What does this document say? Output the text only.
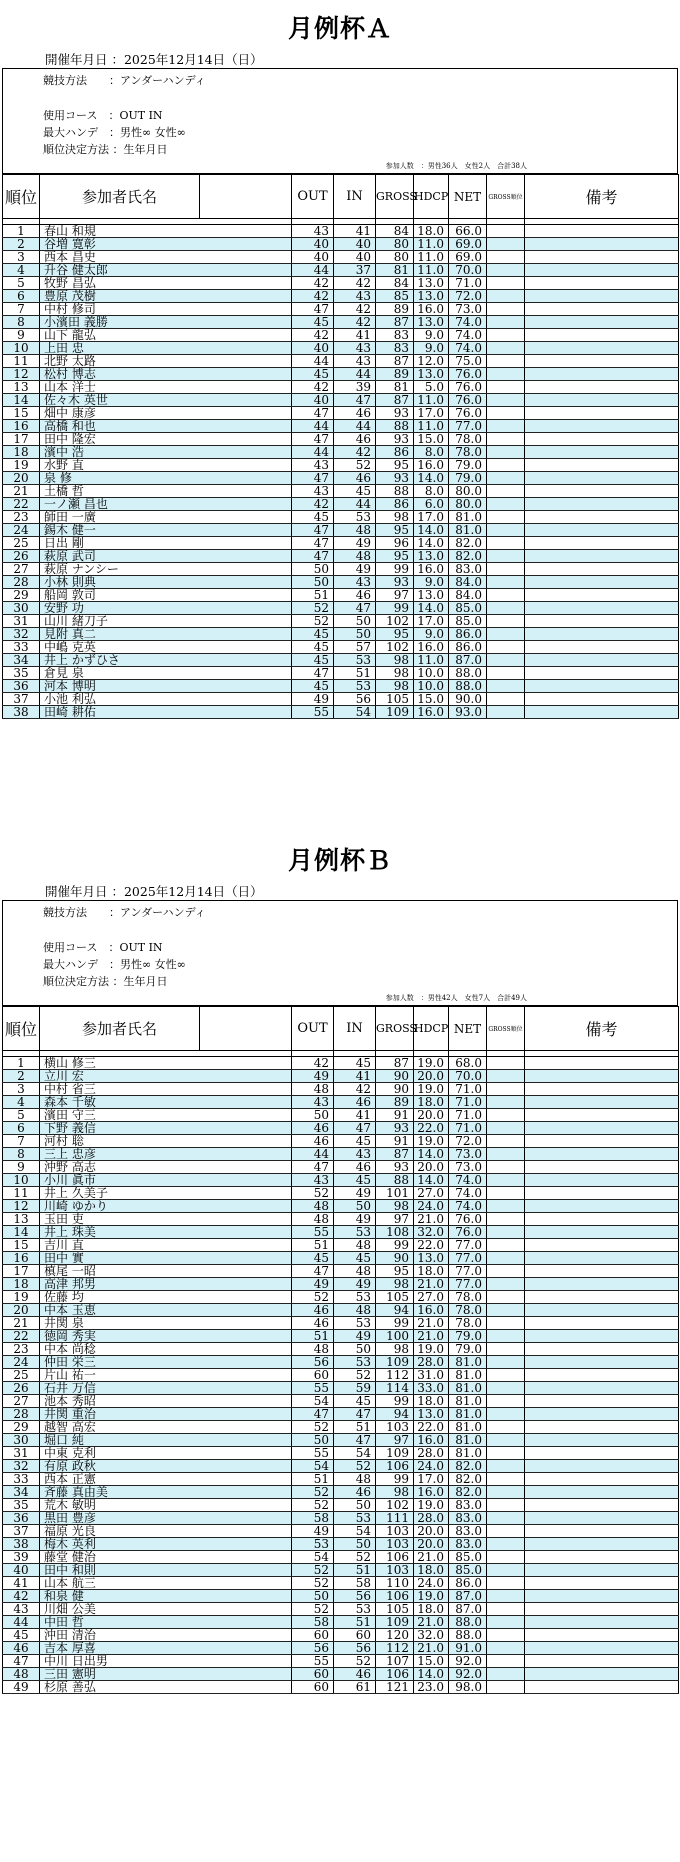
月例杯Ａ
開催年月日 ：2025年12月14日（日）
競技方法　　：アンダーハンディ
使用コース　：OUT IN
最大ハンデ　：男性∞ 女性∞
順位決定方法 ：生年月日
参加人数　：男性36人　女性2人　合計38人
順位	参加者氏名		OUT	IN	GROSS	HDCP	NET	GROSS順位	備考

1	春山 和規		43	41	84	18.0	66.0		
2	谷増 寛彰		40	40	80	11.0	69.0		
3	西本 昌史		40	40	80	11.0	69.0		
4	升谷 健太郎		44	37	81	11.0	70.0		
5	牧野 昌弘		42	42	84	13.0	71.0		
6	豊原 茂樹		42	43	85	13.0	72.0		
7	中村 修司		47	42	89	16.0	73.0		
8	小濱田 義勝		45	42	87	13.0	74.0		
9	山下 龍弘		42	41	83	9.0	74.0		
10	上田 忠		40	43	83	9.0	74.0		
11	北野 太路		44	43	87	12.0	75.0		
12	松村 博志		45	44	89	13.0	76.0		
13	山本 洋士		42	39	81	5.0	76.0		
14	佐々木 英世		40	47	87	11.0	76.0		
15	畑中 康彦		47	46	93	17.0	76.0		
16	高橋 和也		44	44	88	11.0	77.0		
17	田中 隆宏		47	46	93	15.0	78.0		
18	濱中 浩		44	42	86	8.0	78.0		
19	水野 直		43	52	95	16.0	79.0		
20	泉 修		47	46	93	14.0	79.0		
21	土橋 哲		43	45	88	8.0	80.0		
22	一ノ瀬 昌也		42	44	86	6.0	80.0		
23	師田 一廣		45	53	98	17.0	81.0		
24	錫木 健一		47	48	95	14.0	81.0		
25	日出 剛		47	49	96	14.0	82.0		
26	萩原 武司		47	48	95	13.0	82.0		
27	萩原 ナンシー		50	49	99	16.0	83.0		
28	小林 則典		50	43	93	9.0	84.0		
29	船岡 敦司		51	46	97	13.0	84.0		
30	安野 功		52	47	99	14.0	85.0		
31	山川 緒刀子		52	50	102	17.0	85.0		
32	見附 真二		45	50	95	9.0	86.0		
33	中嶋 克英		45	57	102	16.0	86.0		
34	井上 かずひさ		45	53	98	11.0	87.0		
35	倉見 泉		47	51	98	10.0	88.0		
36	河本 博明		45	53	98	10.0	88.0		
37	小池 利弘		49	56	105	15.0	90.0		
38	田崎 耕佑		55	54	109	16.0	93.0		
月例杯Ｂ
開催年月日 ：2025年12月14日（日）
競技方法　　：アンダーハンディ
使用コース　：OUT IN
最大ハンデ　：男性∞ 女性∞
順位決定方法 ：生年月日
参加人数　：男性42人　女性7人　合計49人
順位	参加者氏名		OUT	IN	GROSS	HDCP	NET	GROSS順位	備考

1	横山 修三		42	45	87	19.0	68.0		
2	立川 宏		49	41	90	20.0	70.0		
3	中村 省三		48	42	90	19.0	71.0		
4	森本 千敏		43	46	89	18.0	71.0		
5	濱田 守三		50	41	91	20.0	71.0		
6	下野 義信		46	47	93	22.0	71.0		
7	河村 聡		46	45	91	19.0	72.0		
8	三上 忠彦		44	43	87	14.0	73.0		
9	沖野 高志		47	46	93	20.0	73.0		
10	小川 眞市		43	45	88	14.0	74.0		
11	井上 久美子		52	49	101	27.0	74.0		
12	川崎 ゆかり		48	50	98	24.0	74.0		
13	玉田 吏		48	49	97	21.0	76.0		
14	井上 珠美		55	53	108	32.0	76.0		
15	吉川 直		51	48	99	22.0	77.0		
16	田中 實		45	45	90	13.0	77.0		
17	槙尾 一昭		47	48	95	18.0	77.0		
18	高津 邦男		49	49	98	21.0	77.0		
19	佐藤 均		52	53	105	27.0	78.0		
20	中本 玉恵		46	48	94	16.0	78.0		
21	井関 泉		46	53	99	21.0	78.0		
22	徳岡 秀実		51	49	100	21.0	79.0		
23	中本 尚稔		48	50	98	19.0	79.0		
24	仲田 栄三		56	53	109	28.0	81.0		
25	片山 祐一		60	52	112	31.0	81.0		
26	石井 万信		55	59	114	33.0	81.0		
27	池本 秀昭		54	45	99	18.0	81.0		
28	井関 重治		47	47	94	13.0	81.0		
29	越智 高宏		52	51	103	22.0	81.0		
30	堀口 純		50	47	97	16.0	81.0		
31	中東 克利		55	54	109	28.0	81.0		
32	有原 政秋		54	52	106	24.0	82.0		
33	西本 正憲		51	48	99	17.0	82.0		
34	斉藤 真由美		52	46	98	16.0	82.0		
35	荒木 敏明		52	50	102	19.0	83.0		
36	黒田 豊彦		58	53	111	28.0	83.0		
37	福原 光良		49	54	103	20.0	83.0		
38	梅木 英利		53	50	103	20.0	83.0		
39	藤堂 健治		54	52	106	21.0	85.0		
40	田中 和則		52	51	103	18.0	85.0		
41	山本 航三		52	58	110	24.0	86.0		
42	和泉 健		50	56	106	19.0	87.0		
43	川畑 公美		52	53	105	18.0	87.0		
44	中田 哲		58	51	109	21.0	88.0		
45	沖田 清治		60	60	120	32.0	88.0		
46	吉本 厚喜		56	56	112	21.0	91.0		
47	中川 日出男		55	52	107	15.0	92.0		
48	三田 憲明		60	46	106	14.0	92.0		
49	杉原 善弘		60	61	121	23.0	98.0		
